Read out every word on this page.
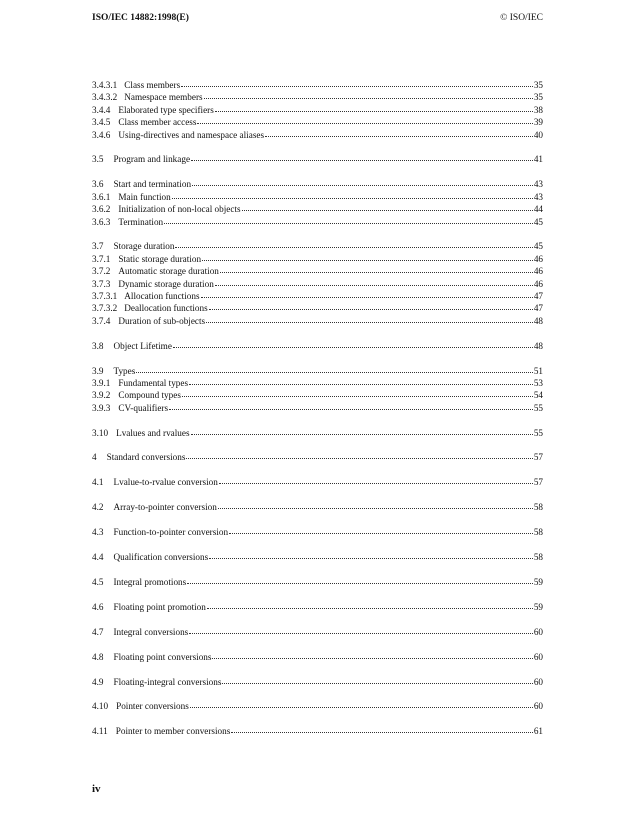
ISO/IEC 14882:1998(E)	© ISO/IEC
3.4.3.1 Class members	35
3.4.3.2 Namespace members	35
3.4.4 Elaborated type specifiers	38
3.4.5 Class member access	39
3.4.6 Using-directives and namespace aliases	40
3.5 Program and linkage	41
3.6 Start and termination	43
3.6.1 Main function	43
3.6.2 Initialization of non-local objects	44
3.6.3 Termination	45
3.7 Storage duration	45
3.7.1 Static storage duration	46
3.7.2 Automatic storage duration	46
3.7.3 Dynamic storage duration	46
3.7.3.1 Allocation functions	47
3.7.3.2 Deallocation functions	47
3.7.4 Duration of sub-objects	48
3.8 Object Lifetime	48
3.9 Types	51
3.9.1 Fundamental types	53
3.9.2 Compound types	54
3.9.3 CV-qualifiers	55
3.10 Lvalues and rvalues	55
4 Standard conversions	57
4.1 Lvalue-to-rvalue conversion	57
4.2 Array-to-pointer conversion	58
4.3 Function-to-pointer conversion	58
4.4 Qualification conversions	58
4.5 Integral promotions	59
4.6 Floating point promotion	59
4.7 Integral conversions	60
4.8 Floating point conversions	60
4.9 Floating-integral conversions	60
4.10 Pointer conversions	60
4.11 Pointer to member conversions	61
iv
